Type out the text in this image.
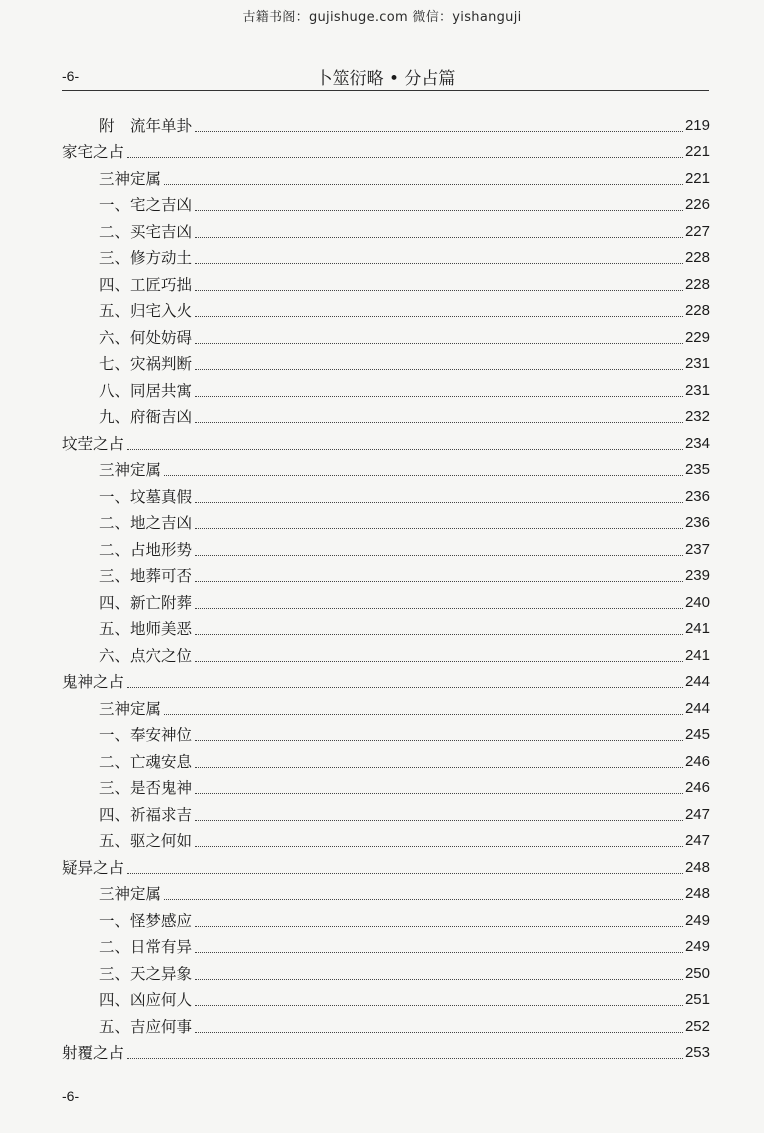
古籍书阁：gujishuge.com 微信：yishanguji
-6-	卜筮衍略 • 分占篇
附　流年单卦	219
家宅之占	221
三神定属	221
一、宅之吉凶	226
二、买宅吉凶	227
三、修方动土	228
四、工匠巧拙	228
五、归宅入火	228
六、何处妨碍	229
七、灾祸判断	231
八、同居共寓	231
九、府衙吉凶	232
坟茔之占	234
三神定属	235
一、坟墓真假	236
二、地之吉凶	236
二、占地形势	237
三、地葬可否	239
四、新亡附葬	240
五、地师美恶	241
六、点穴之位	241
鬼神之占	244
三神定属	244
一、奉安神位	245
二、亡魂安息	246
三、是否鬼神	246
四、祈福求吉	247
五、驱之何如	247
疑异之占	248
三神定属	248
一、怪梦感应	249
二、日常有异	249
三、天之异象	250
四、凶应何人	251
五、吉应何事	252
射覆之占	253
-6-
